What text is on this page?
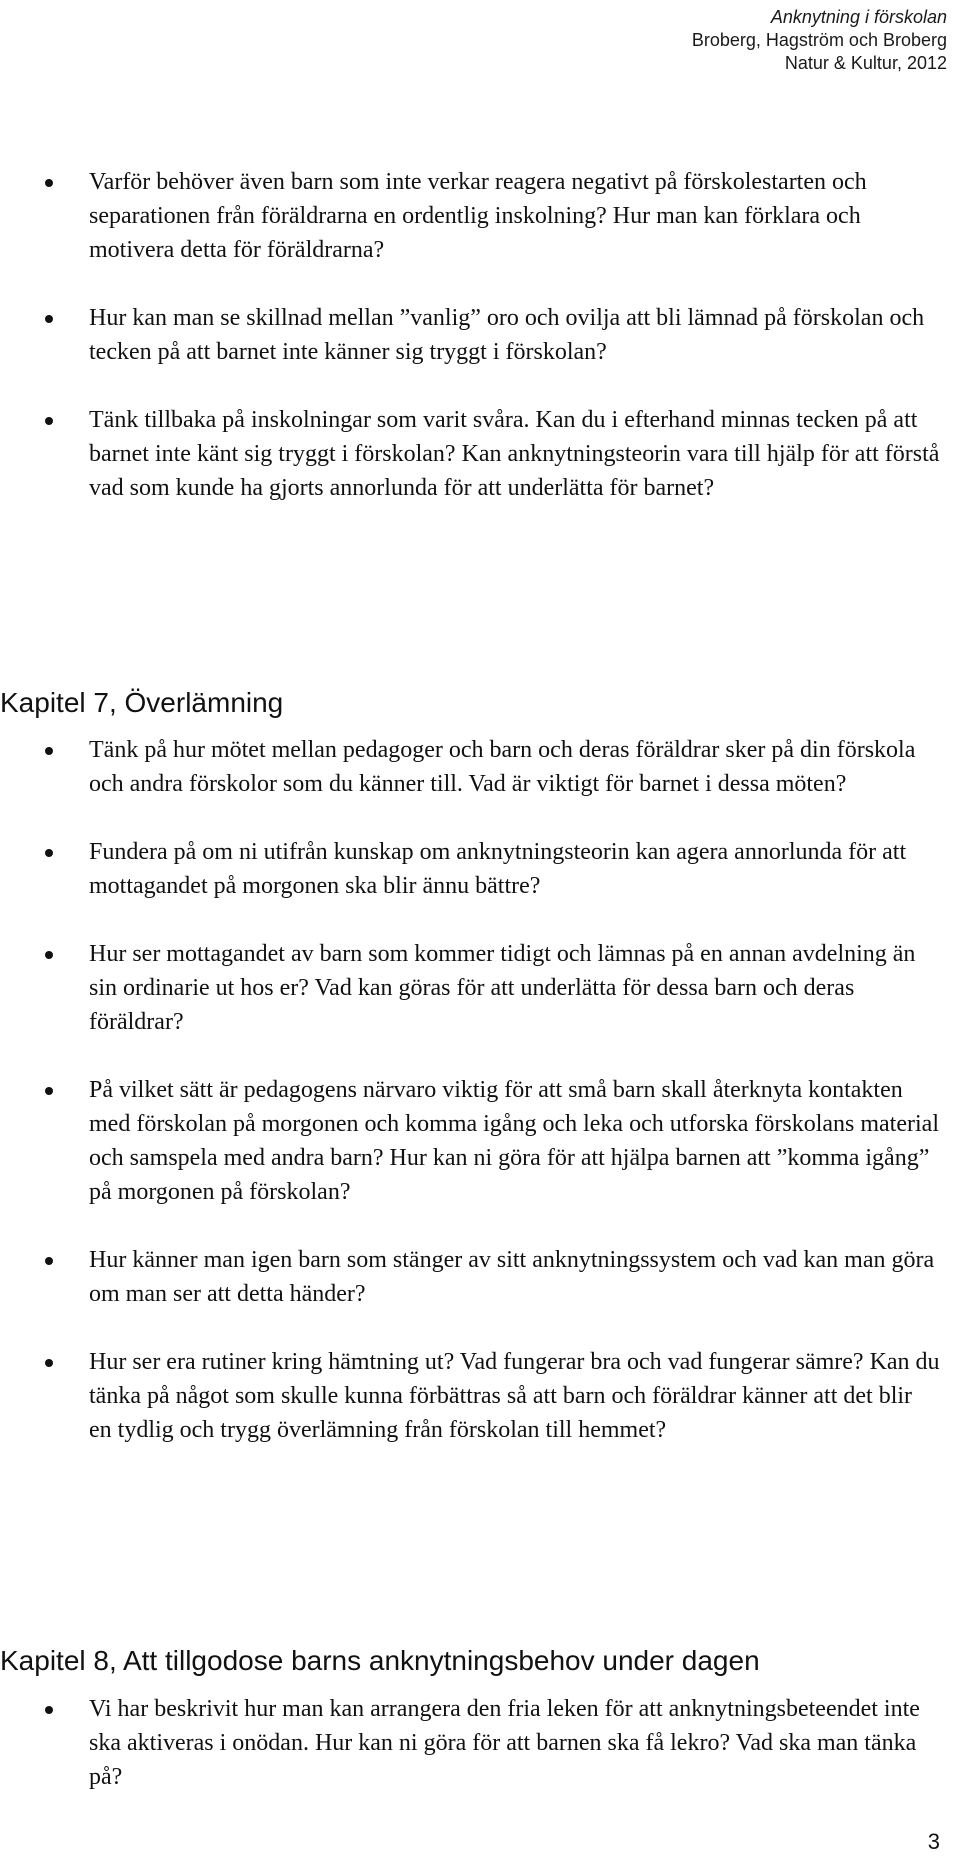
Anknytning i förskolan
Broberg, Hagström och Broberg
Natur & Kultur, 2012
Varför behöver även barn som inte verkar reagera negativt på förskolestarten och separationen från föräldrarna en ordentlig inskolning? Hur man kan förklara och motivera detta för föräldrarna?
Hur kan man se skillnad mellan ”vanlig” oro och ovilja att bli lämnad på förskolan och tecken på att barnet inte känner sig tryggt i förskolan?
Tänk tillbaka på inskolningar som varit svåra. Kan du i efterhand minnas tecken på att barnet inte känt sig tryggt i förskolan? Kan anknytningsteorin vara till hjälp för att förstå vad som kunde ha gjorts annorlunda för att underlätta för barnet?
Kapitel 7, Överlämning
Tänk på hur mötet mellan pedagoger och barn och deras föräldrar sker på din förskola och andra förskolor som du känner till. Vad är viktigt för barnet i dessa möten?
Fundera på om ni utifrån kunskap om anknytningsteorin kan agera annorlunda för att mottagandet på morgonen ska blir ännu bättre?
Hur ser mottagandet av barn som kommer tidigt och lämnas på en annan avdelning än sin ordinarie ut hos er? Vad kan göras för att underlätta för dessa barn och deras föräldrar?
På vilket sätt är pedagogens närvaro viktig för att små barn skall återknyta kontakten med förskolan på morgonen och komma igång och leka och utforska förskolans material och samspela med andra barn? Hur kan ni göra för att hjälpa barnen att ”komma igång” på morgonen på förskolan?
Hur känner man igen barn som stänger av sitt anknytningssystem och vad kan man göra om man ser att detta händer?
Hur ser era rutiner kring hämtning ut? Vad fungerar bra och vad fungerar sämre? Kan du tänka på något som skulle kunna förbättras så att barn och föräldrar känner att det blir en tydlig och trygg överlämning från förskolan till hemmet?
Kapitel 8, Att tillgodose barns anknytningsbehov under dagen
Vi har beskrivit hur man kan arrangera den fria leken för att anknytningsbeteendet inte ska aktiveras i onödan. Hur kan ni göra för att barnen ska få lekro? Vad ska man tänka på?
3
